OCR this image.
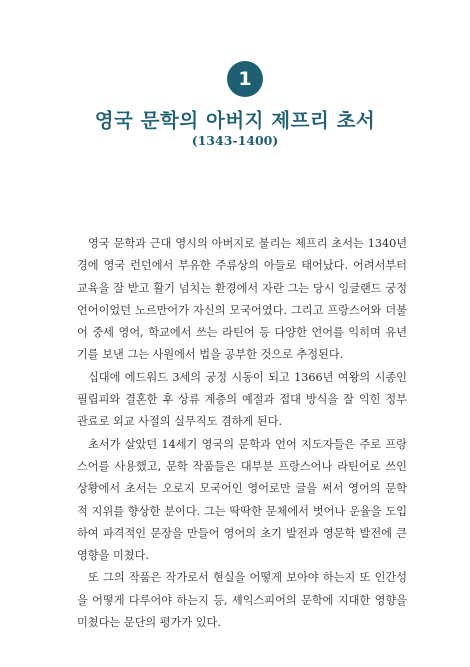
1
영국 문학의 아버지 제프리 초서
(1343-1400)

영국 문학과 근대 영시의 아버지로 불리는 제프리 초서는 1340년경에 영국 런던에서 부유한 주류상의 아들로 태어났다. 어려서부터 교육을 잘 받고 활기 넘치는 환경에서 자란 그는 당시 잉글랜드 궁정 언어이었던 노르만어가 자신의 모국어였다. 그리고 프랑스어와 더불어 중세 영어, 학교에서 쓰는 라틴어 등 다양한 언어를 익히며 유년기를 보낸 그는 사원에서 법을 공부한 것으로 추정된다.

십대에 에드워드 3세의 궁정 시동이 되고 1366년 여왕의 시종인 필립피와 결혼한 후 상류 계층의 예절과 접대 방식을 잘 익힌 정부 관료로 외교 사절의 실무직도 겸하게 된다.

초서가 살았던 14세기 영국의 문학과 언어 지도자들은 주로 프랑스어를 사용했고, 문학 작품들은 대부분 프랑스어나 라틴어로 쓰인 상황에서 초서는 오로지 모국어인 영어로만 글을 써서 영어의 문학적 지위를 향상한 분이다. 그는 딱딱한 문체에서 벗어나 운율을 도입하여 파격적인 문장을 만들어 영어의 초기 발전과 영문학 발전에 큰 영향을 미쳤다.

또 그의 작품은 작가로서 현실을 어떻게 보아야 하는지 또 인간성을 어떻게 다루어야 하는지 등, 셰익스피어의 문학에 지대한 영향을 미쳤다는 문단의 평가가 있다.
